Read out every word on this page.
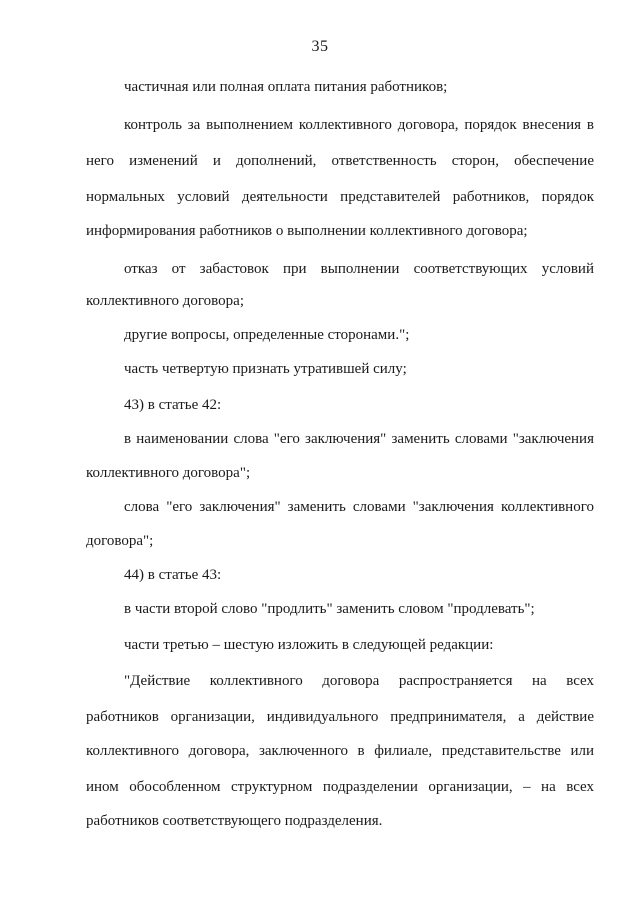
35
частичная или полная оплата питания работников;
контроль за выполнением коллективного договора, порядок внесения в
него изменений и дополнений, ответственность сторон, обеспечение
нормальных условий деятельности представителей работников, порядок
информирования работников о выполнении коллективного договора;
отказ от забастовок при выполнении соответствующих условий
коллективного договора;
другие вопросы, определенные сторонами.";
часть четвертую признать утратившей силу;
43) в статье 42:
в наименовании слова "его заключения" заменить словами "заключения
коллективного договора";
слова "его заключения" заменить словами "заключения коллективного
договора";
44) в статье 43:
в части второй слово "продлить" заменить словом "продлевать";
части третью – шестую изложить в следующей редакции:
"Действие коллективного договора распространяется на всех
работников организации, индивидуального предпринимателя, а действие
коллективного договора, заключенного в филиале, представительстве или
ином обособленном структурном подразделении организации, – на всех
работников соответствующего подразделения.
